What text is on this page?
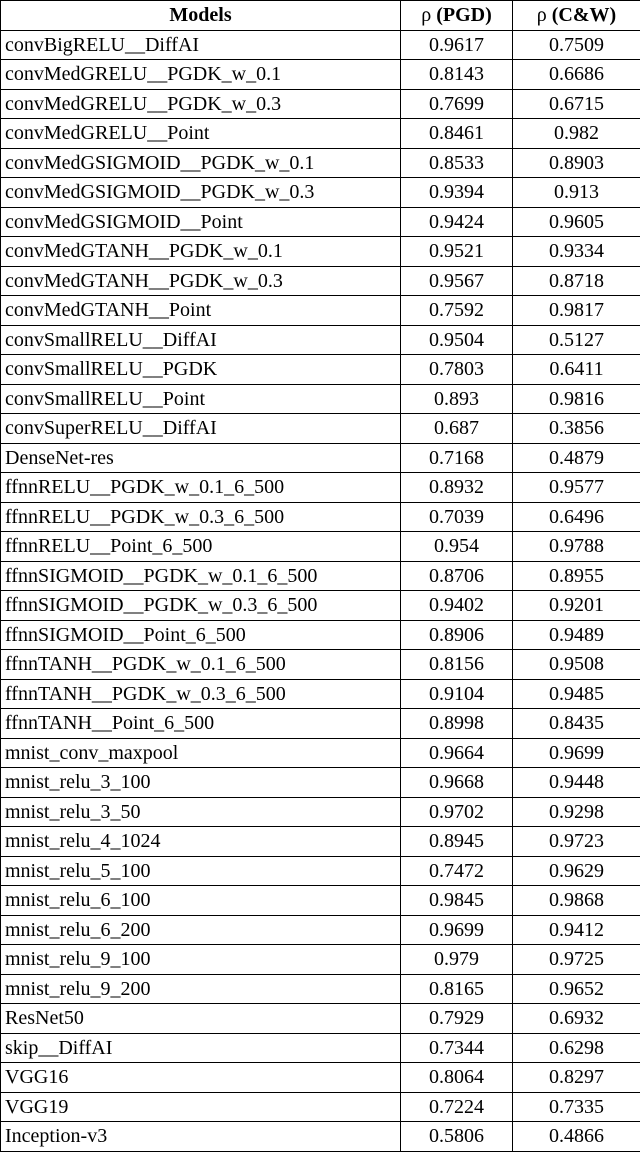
Models	ρ (PGD)	ρ (C&W)
convBigRELU__DiffAI	0.9617	0.7509
convMedGRELU__PGDK_w_0.1	0.8143	0.6686
convMedGRELU__PGDK_w_0.3	0.7699	0.6715
convMedGRELU__Point	0.8461	0.982
convMedGSIGMOID__PGDK_w_0.1	0.8533	0.8903
convMedGSIGMOID__PGDK_w_0.3	0.9394	0.913
convMedGSIGMOID__Point	0.9424	0.9605
convMedGTANH__PGDK_w_0.1	0.9521	0.9334
convMedGTANH__PGDK_w_0.3	0.9567	0.8718
convMedGTANH__Point	0.7592	0.9817
convSmallRELU__DiffAI	0.9504	0.5127
convSmallRELU__PGDK	0.7803	0.6411
convSmallRELU__Point	0.893	0.9816
convSuperRELU__DiffAI	0.687	0.3856
DenseNet-res	0.7168	0.4879
ffnnRELU__PGDK_w_0.1_6_500	0.8932	0.9577
ffnnRELU__PGDK_w_0.3_6_500	0.7039	0.6496
ffnnRELU__Point_6_500	0.954	0.9788
ffnnSIGMOID__PGDK_w_0.1_6_500	0.8706	0.8955
ffnnSIGMOID__PGDK_w_0.3_6_500	0.9402	0.9201
ffnnSIGMOID__Point_6_500	0.8906	0.9489
ffnnTANH__PGDK_w_0.1_6_500	0.8156	0.9508
ffnnTANH__PGDK_w_0.3_6_500	0.9104	0.9485
ffnnTANH__Point_6_500	0.8998	0.8435
mnist_conv_maxpool	0.9664	0.9699
mnist_relu_3_100	0.9668	0.9448
mnist_relu_3_50	0.9702	0.9298
mnist_relu_4_1024	0.8945	0.9723
mnist_relu_5_100	0.7472	0.9629
mnist_relu_6_100	0.9845	0.9868
mnist_relu_6_200	0.9699	0.9412
mnist_relu_9_100	0.979	0.9725
mnist_relu_9_200	0.8165	0.9652
ResNet50	0.7929	0.6932
skip__DiffAI	0.7344	0.6298
VGG16	0.8064	0.8297
VGG19	0.7224	0.7335
Inception-v3	0.5806	0.4866
